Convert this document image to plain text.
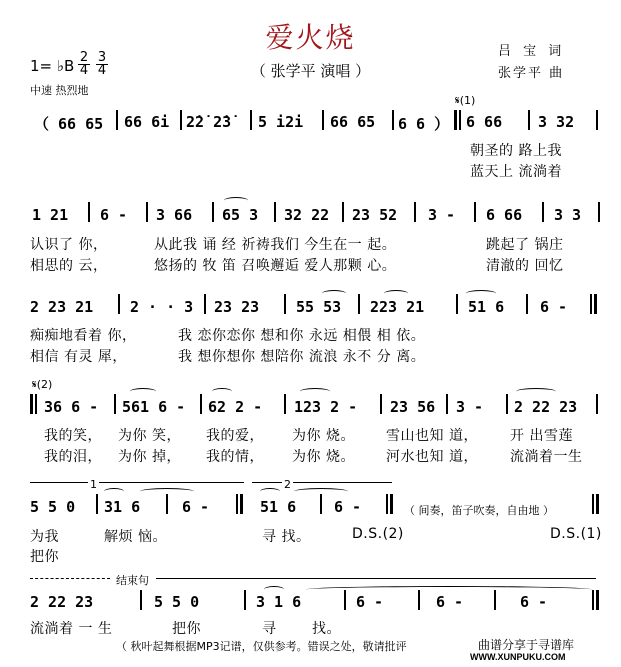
爱火烧
（ 张学平 演唱 ）
吕 宝 词
张学平 曲
1= ♭B $\frac{2}{4} \frac{3}{4}$
中速 热烈地
𝄋(1)
（ 66 65 66 6i 2̇2̇ 2̇3̇ 5 i2i 66 65 6 6 ） 6 66 3 32
朝圣的 路上我
蓝天上 流淌着
1 21 6 - 3 66 65 3 32 22 23 52 3 - 6 66 3 3
认识了 你，	从此我 诵 经 祈祷我们 今生在一 起。	跳起了 锅庄
相思的 云，	悠扬的 牧 笛 召唤邂逅 爱人那颗 心。	清澈的 回忆
2 23 21 2 · · 3 23 23 55 53 223 21	51 6 6 -
痴痴地看着 你，	我 恋你恋你 想和你 永远 相偎 相 依。
相信 有灵 犀，	我 想你想你 想陪你 流浪 永不 分 离。
𝄋(2)
36 6 - 561 6 - 62 2 - 123 2 - 23 56 3 - 2 22 23
我的笑， 为你 笑， 我的爱， 为你 烧。 雪山也知 道， 开 出雪莲
我的泪， 为你 掉， 我的情， 为你 烧。 河水也知 道， 流淌着一生
1	2
5 5 0 31 6	6 -	51 6	6 -	（ 间奏，笛子吹奏，自由地 ）
为我	解烦 恼。	寻 找。	D.S.(2)	D.S.(1)
把你
结束句
2 22 23	5 5 0	3 1 6	6 -	6 -	6 -
流淌着 一 生	把你	寻	找。
（ 秋叶起舞根据MP3记谱，仅供参考。错误之处，敬请批评	曲谱分享于寻谱库
WWW.XUNPUKU.COM
